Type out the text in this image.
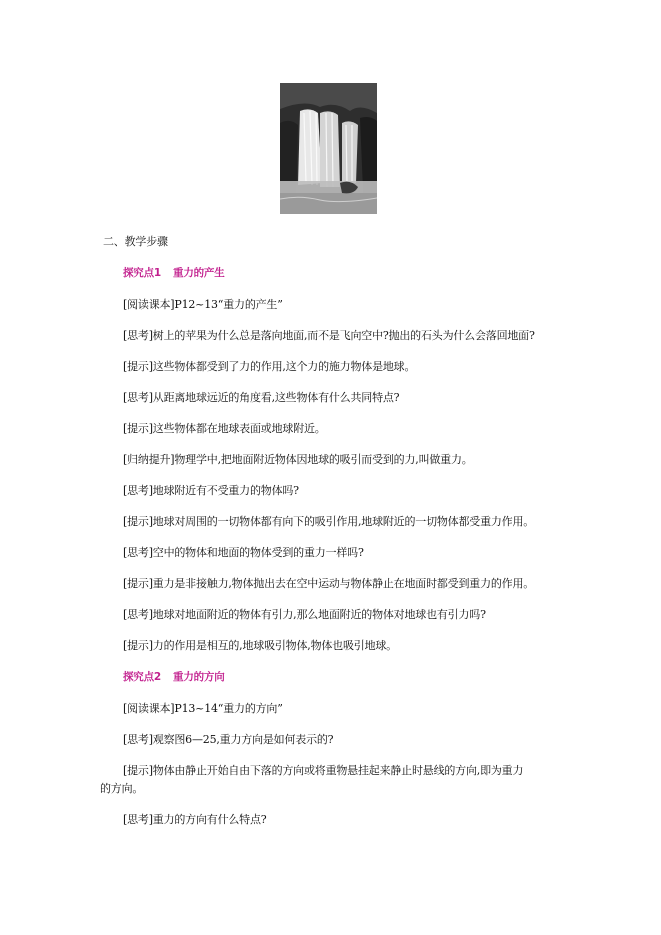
二、教学步骤
探究点1 重力的产生
[阅读课本]P12~13“重力的产生”
[思考]树上的苹果为什么总是落向地面,而不是飞向空中?抛出的石头为什么会落回地面?
[提示]这些物体都受到了力的作用,这个力的施力物体是地球。
[思考]从距离地球远近的角度看,这些物体有什么共同特点?
[提示]这些物体都在地球表面或地球附近。
[归纳提升]物理学中,把地面附近物体因地球的吸引而受到的力,叫做重力。
[思考]地球附近有不受重力的物体吗?
[提示]地球对周围的一切物体都有向下的吸引作用,地球附近的一切物体都受重力作用。
[思考]空中的物体和地面的物体受到的重力一样吗?
[提示]重力是非接触力,物体抛出去在空中运动与物体静止在地面时都受到重力的作用。
[思考]地球对地面附近的物体有引力,那么地面附近的物体对地球也有引力吗?
[提示]力的作用是相互的,地球吸引物体,物体也吸引地球。
探究点2 重力的方向
[阅读课本]P13~14“重力的方向”
[思考]观察图6—25,重力方向是如何表示的?
[提示]物体由静止开始自由下落的方向或将重物悬挂起来静止时悬线的方向,即为重力
的方向。
[思考]重力的方向有什么特点?
